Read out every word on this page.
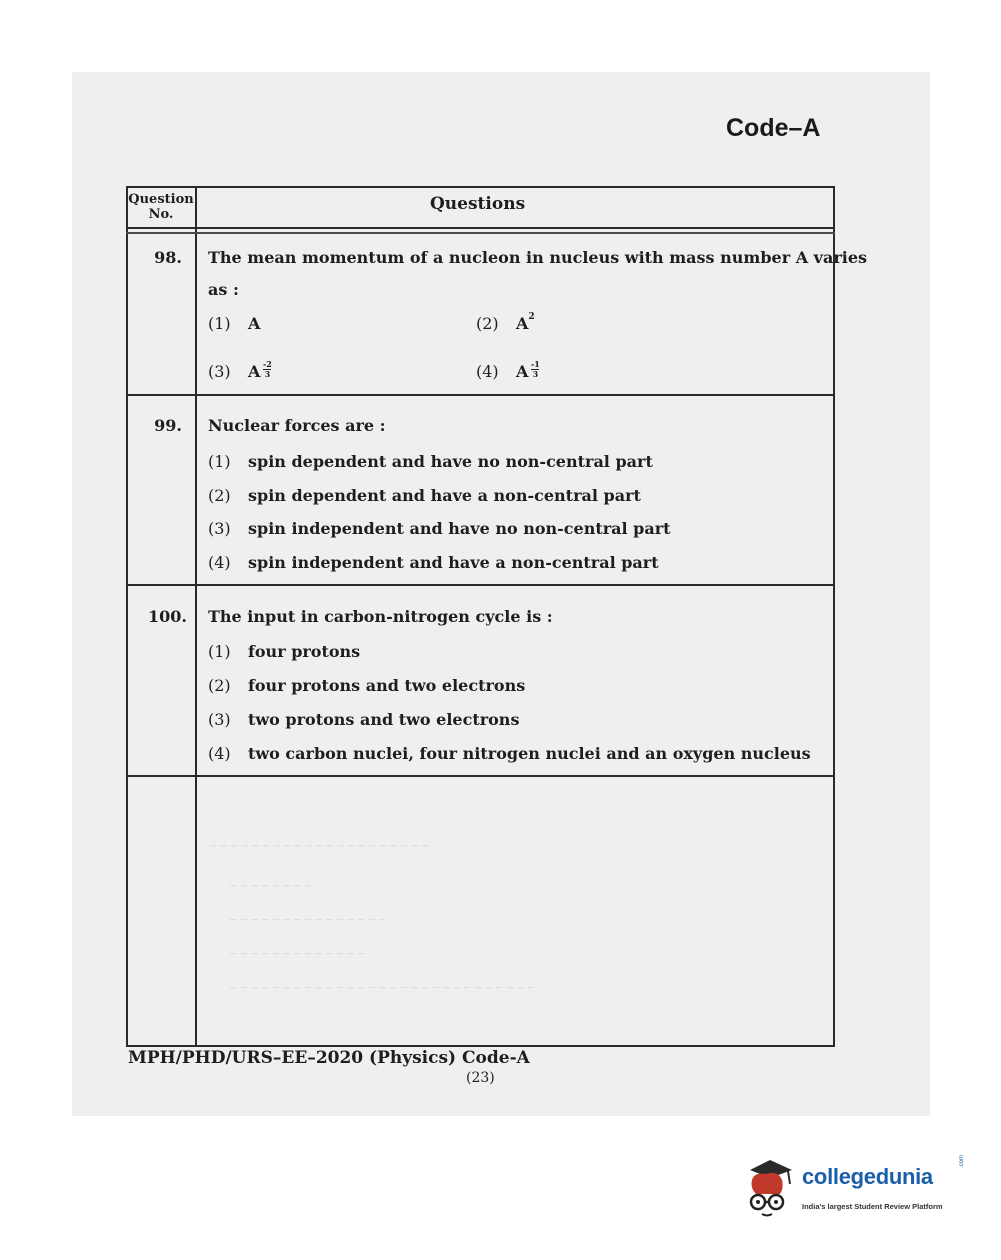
_ _ _ _ _ _ _ _ _ _ _ _ _ _ _ _ _ _ _ _ _
_ _ _ _ _ _ _ _
_ _ _ _ _ _ _ _ _ _ _ _ _ _ _
_ _ _ _ _ _ _ _ _ _ _ _ _
_ _ _ _ _ _ _ _ _ _ _ _ _ _ _ _ _ _ _ _ _ _ _ _ _ _ _ _ _
Code–A
Question No.
Questions
98. The mean momentum of a nucleon in nucleus with mass number A varies
as :
(1) A	(2) $A^2$
(3) A $\frac{-2}{3}$	(4) A $\frac{-1}{3}$
99. Nuclear forces are :
(1) spin dependent and have no non-central part
(2) spin dependent and have a non-central part
(3) spin independent and have no non-central part
(4) spin independent and have a non-central part
100. The input in carbon-nitrogen cycle is :
(1) four protons
(2) four protons and two electrons
(3) two protons and two electrons
(4) two carbon nuclei, four nitrogen nuclei and an oxygen nucleus
MPH/PHD/URS–EE–2020 (Physics) Code-A
(23)
collegedunia
.com
India's largest Student Review Platform
